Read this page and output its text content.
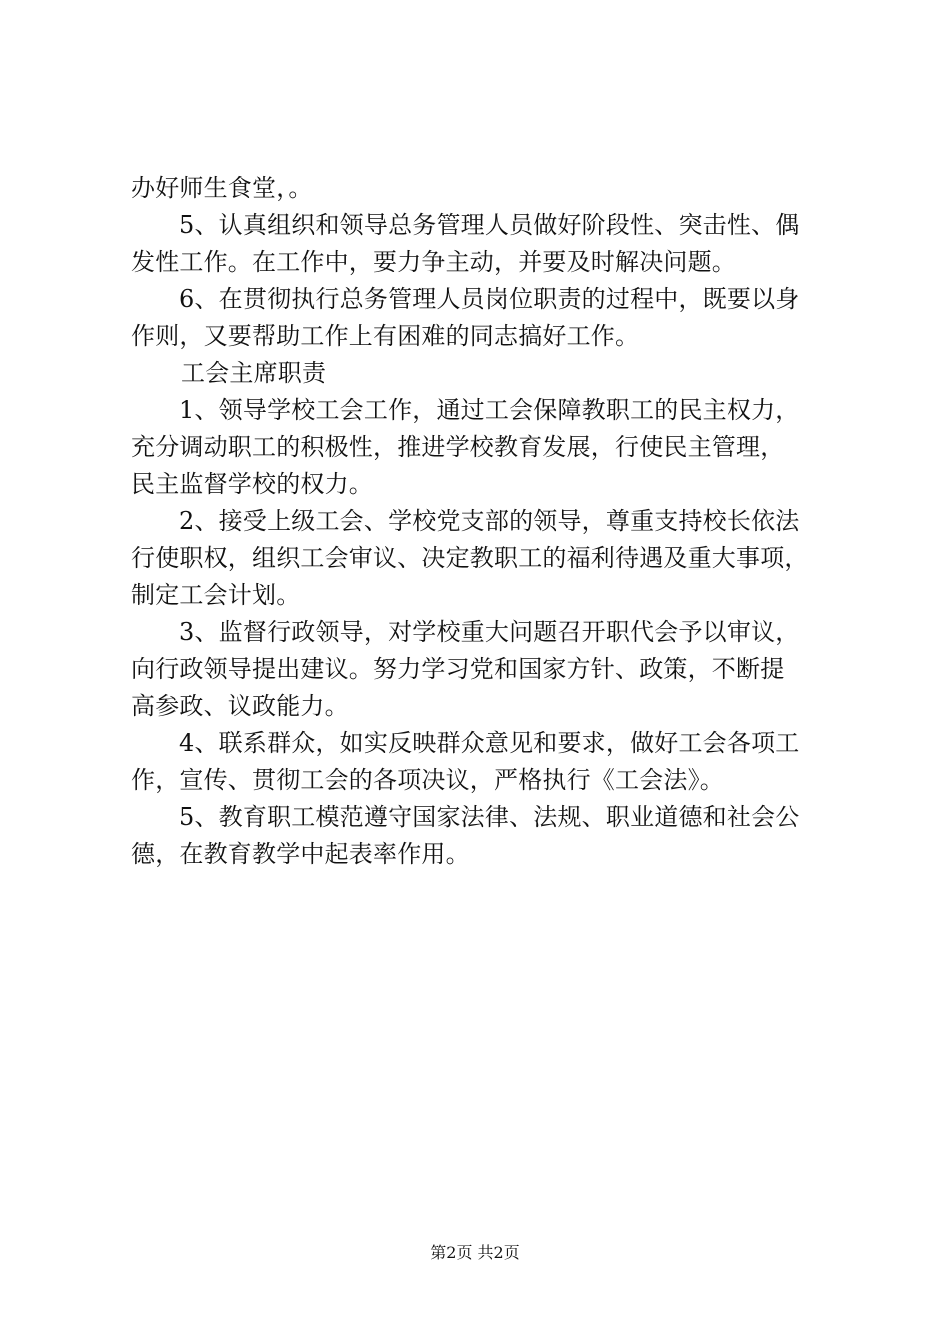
办好师生食堂，。
5、认真组织和领导总务管理人员做好阶段性、突击性、偶
发性工作。在工作中，要力争主动，并要及时解决问题。
6、在贯彻执行总务管理人员岗位职责的过程中，既要以身
作则，又要帮助工作上有困难的同志搞好工作。
工会主席职责
1、领导学校工会工作，通过工会保障教职工的民主权力，
充分调动职工的积极性，推进学校教育发展，行使民主管理，
民主监督学校的权力。
2、接受上级工会、学校党支部的领导，尊重支持校长依法
行使职权，组织工会审议、决定教职工的福利待遇及重大事项，
制定工会计划。
3、监督行政领导，对学校重大问题召开职代会予以审议，
向行政领导提出建议。努力学习党和国家方针、政策，不断提
高参政、议政能力。
4、联系群众，如实反映群众意见和要求，做好工会各项工
作，宣传、贯彻工会的各项决议，严格执行《工会法》。
5、教育职工模范遵守国家法律、法规、职业道德和社会公
德，在教育教学中起表率作用。
第2页 共2页
